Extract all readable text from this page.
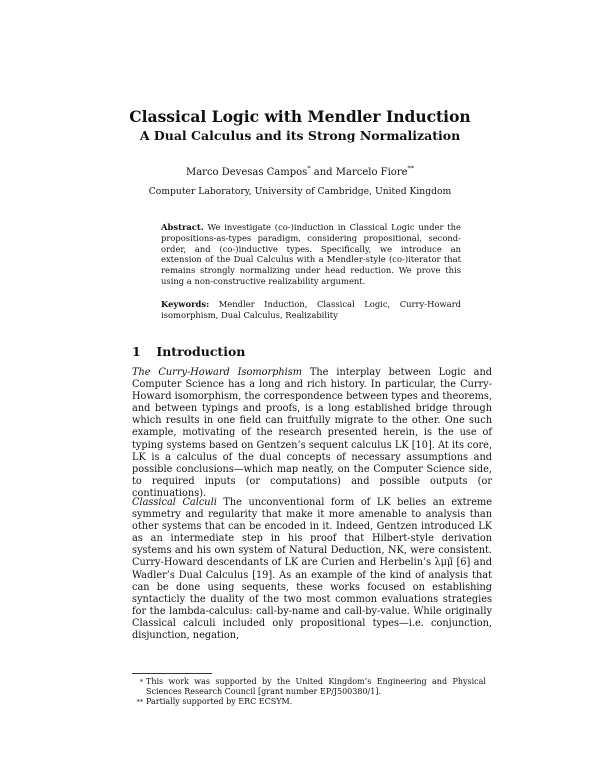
Classical Logic with Mendler Induction
A Dual Calculus and its Strong Normalization
Marco Devesas Campos* and Marcelo Fiore**
Computer Laboratory, University of Cambridge, United Kingdom
Abstract. We investigate (co-)induction in Classical Logic under the propositions-as-types paradigm, considering propositional, second-order, and (co-)inductive types. Specifically, we introduce an extension of the Dual Calculus with a Mendler-style (co-)iterator that remains strongly normalizing under head reduction. We prove this using a non-constructive realizability argument.
Keywords: Mendler Induction, Classical Logic, Curry-Howard isomorphism, Dual Calculus, Realizability
1 Introduction
The Curry-Howard Isomorphism The interplay between Logic and Computer Science has a long and rich history. In particular, the Curry-Howard isomorphism, the correspondence between types and theorems, and between typings and proofs, is a long established bridge through which results in one field can fruitfully migrate to the other. One such example, motivating of the research presented herein, is the use of typing systems based on Gentzen’s sequent calculus LK [10]. At its core, LK is a calculus of the dual concepts of necessary assumptions and possible conclusions—which map neatly, on the Computer Science side, to required inputs (or computations) and possible outputs (or continuations).
Classical Calculi The unconventional form of LK belies an extreme symmetry and regularity that make it more amenable to analysis than other systems that can be encoded in it. Indeed, Gentzen introduced LK as an intermediate step in his proof that Hilbert-style derivation systems and his own system of Natural Deduction, NK, were consistent. Curry-Howard descendants of LK are Curien and Herbelin’s λμμ̃ [6] and Wadler’s Dual Calculus [19]. As an example of the kind of analysis that can be done using sequents, these works focused on establishing syntacticly the duality of the two most common evaluations strategies for the lambda-calculus: call-by-name and call-by-value. While originally Classical calculi included only propositional types—i.e. conjunction, disjunction, negation,
* This work was supported by the United Kingdom’s Engineering and Physical Sciences Research Council [grant number EP/J500380/1].
** Partially supported by ERC ECSYM.
